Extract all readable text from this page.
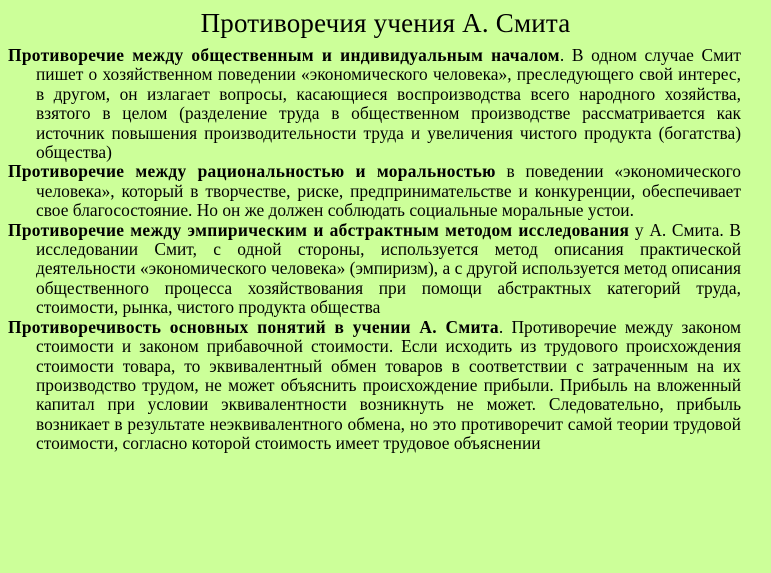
Противоречия учения А. Смита

Противоречие между общественным и индивидуальным началом. В одном случае Смит пишет о хозяйственном поведении «экономического человека», преследующего свой интерес, в другом, он излагает вопросы, касающиеся воспроизводства всего народного хозяйства, взятого в целом (разделение труда в общественном производстве рассматривается как источник повышения производительности труда и увеличения чистого продукта (богатства) общества)

Противоречие между рациональностью и моральностью в поведении «экономического человека», который в творчестве, риске, предпринимательстве и конкуренции, обеспечивает свое благосостояние. Но он же должен соблюдать социальные моральные устои.

Противоречие между эмпирическим и абстрактным методом исследования у А. Смита. В исследовании Смит, с одной стороны, используется метод описания практической деятельности «экономического человека» (эмпиризм), а с другой используется метод описания общественного процесса хозяйствования при помощи абстрактных категорий труда, стоимости, рынка, чистого продукта общества

Противоречивость основных понятий в учении А. Смита. Противоречие между законом стоимости и законом прибавочной стоимости. Если исходить из трудового происхождения стоимости товара, то эквивалентный обмен товаров в соответствии с затраченным на их производство трудом, не может объяснить происхождение прибыли. Прибыль на вложенный капитал при условии эквивалентности возникнуть не может. Следовательно, прибыль возникает в результате неэквивалентного обмена, но это противоречит самой теории трудовой стоимости, согласно которой стоимость имеет трудовое объяснении
